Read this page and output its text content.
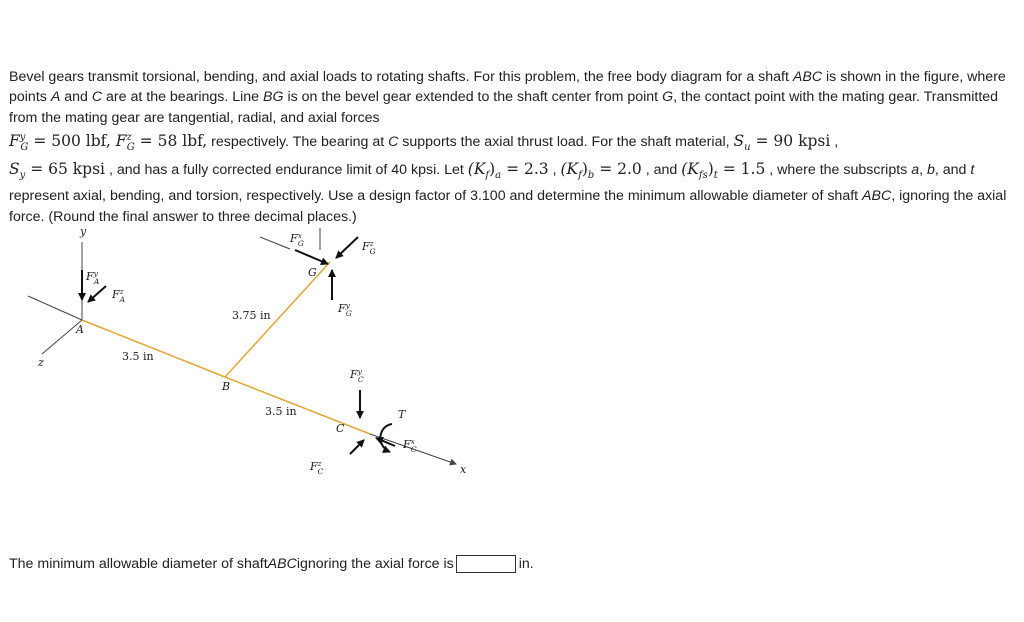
Bevel gears transmit torsional, bending, and axial loads to rotating shafts. For this problem, the free body diagram for a shaft ABC is shown in the figure, where points A and C are at the bearings. Line BG is on the bevel gear extended to the shaft center from point G, the contact point with the mating gear. Transmitted from the mating gear are tangential, radial, and axial forces
$F^y_G = 500$ lbf, $F^z_G = 58$ lbf, respectively. The bearing at C supports the axial thrust load. For the shaft material, $S_u = 90$ kpsi ,
$S_y = 65$ kpsi , and has a fully corrected endurance limit of 40 kpsi. Let $(K_f)_a = 2.3$ , $(K_f)_b = 2.0$ , and $(K_{fs})_t = 1.5$ , where the subscripts a, b, and t represent axial, bending, and torsion, respectively. Use a design factor of 3.100 and determine the minimum allowable diameter of shaft ABC, ignoring the axial force. (Round the final answer to three decimal places.)

y
z
x
A
B
C
G
3.5 in
3.5 in
3.75 in
$F^y$ A
$F^z$ A
$F^x$ G	$F^z$ G
$F^y$ G
$F^y$ C
$F^x$ C
$F^z$ C
T
The minimum allowable diameter of shaft ABC ignoring the axial force is	in.
